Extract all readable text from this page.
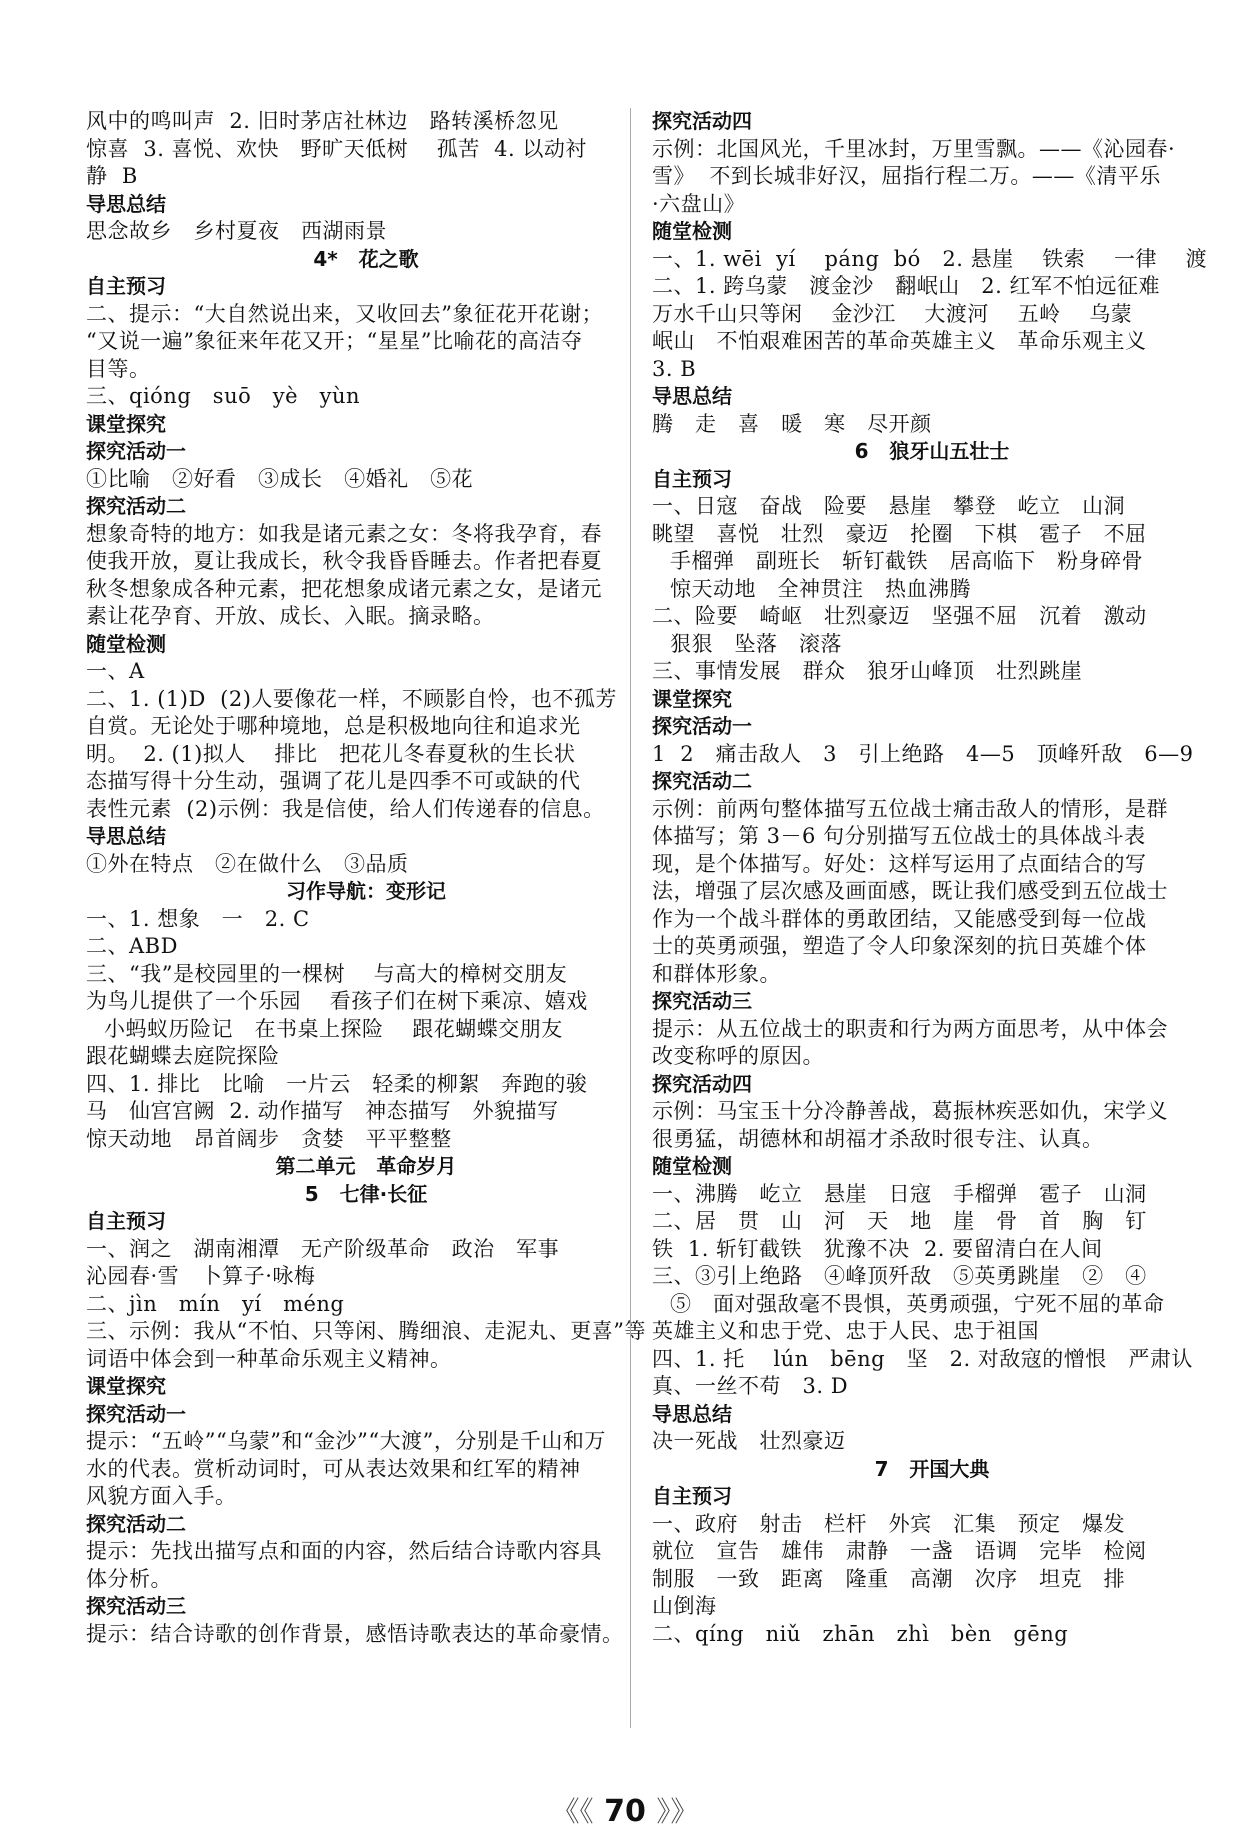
风中的鸣叫声  2. 旧时茅店社林边   路转溪桥忽见
惊喜  3. 喜悦、欢快   野旷天低树    孤苦  4. 以动衬
静  B
导思总结
思念故乡   乡村夏夜   西湖雨景
4*   花之歌
自主预习
二、提示：“大自然说出来，又收回去”象征花开花谢；
“又说一遍”象征来年花又开；“星星”比喻花的高洁夺
目等。
三、qióng   suō   yè   yùn
课堂探究
探究活动一
①比喻   ②好看   ③成长   ④婚礼   ⑤花
探究活动二
想象奇特的地方：如我是诸元素之女：冬将我孕育，春
使我开放，夏让我成长，秋令我昏昏睡去。作者把春夏
秋冬想象成各种元素，把花想象成诸元素之女，是诸元
素让花孕育、开放、成长、入眠。摘录略。
随堂检测
一、A
二、1. (1)D  (2)人要像花一样，不顾影自怜，也不孤芳
自赏。无论处于哪种境地，总是积极地向往和追求光
明。  2. (1)拟人    排比   把花儿冬春夏秋的生长状
态描写得十分生动，强调了花儿是四季不可或缺的代
表性元素  (2)示例：我是信使，给人们传递春的信息。
导思总结
①外在特点   ②在做什么   ③品质
习作导航：变形记
一、1. 想象   一   2. C
二、ABD
三、“我”是校园里的一棵树    与高大的樟树交朋友
为鸟儿提供了一个乐园    看孩子们在树下乘凉、嬉戏
小蚂蚁历险记   在书桌上探险    跟花蝴蝶交朋友
跟花蝴蝶去庭院探险
四、1. 排比   比喻   一片云   轻柔的柳絮   奔跑的骏
马   仙宫宫阙  2. 动作描写   神态描写   外貌描写
惊天动地   昂首阔步   贪婪   平平整整
第二单元   革命岁月
5   七律·长征
自主预习
一、润之   湖南湘潭   无产阶级革命   政治   军事
沁园春·雪   卜算子·咏梅
二、jìn   mín   yí   méng
三、示例：我从“不怕、只等闲、腾细浪、走泥丸、更喜”等
词语中体会到一种革命乐观主义精神。
课堂探究
探究活动一
提示：“五岭”“乌蒙”和“金沙”“大渡”，分别是千山和万
水的代表。赏析动词时，可从表达效果和红军的精神
风貌方面入手。
探究活动二
提示：先找出描写点和面的内容，然后结合诗歌内容具
体分析。
探究活动三
提示：结合诗歌的创作背景，感悟诗歌表达的革命豪情。
探究活动四
示例：北国风光，千里冰封，万里雪飘。——《沁园春·
雪》  不到长城非好汉，屈指行程二万。——《清平乐
·六盘山》
随堂检测
一、1. wēi  yí    páng  bó   2. 悬崖    铁索    一律    渡
二、1. 跨乌蒙   渡金沙   翻岷山   2. 红军不怕远征难
万水千山只等闲    金沙江    大渡河    五岭    乌蒙
岷山   不怕艰难困苦的革命英雄主义   革命乐观主义
3. B
导思总结
腾   走   喜   暖   寒   尽开颜
6   狼牙山五壮士
自主预习
一、日寇   奋战   险要   悬崖   攀登   屹立   山洞
眺望   喜悦   壮烈   豪迈   抡圈   下棋   雹子   不屈
手榴弹   副班长   斩钉截铁   居高临下   粉身碎骨
惊天动地   全神贯注   热血沸腾
二、险要   崎岖   壮烈豪迈   坚强不屈   沉着   激动
狠狠   坠落   滚落
三、事情发展   群众   狼牙山峰顶   壮烈跳崖
课堂探究
探究活动一
1  2   痛击敌人   3   引上绝路   4—5   顶峰歼敌   6—9
探究活动二
示例：前两句整体描写五位战士痛击敌人的情形，是群
体描写；第 3－6 句分别描写五位战士的具体战斗表
现，是个体描写。好处：这样写运用了点面结合的写
法，增强了层次感及画面感，既让我们感受到五位战士
作为一个战斗群体的勇敢团结，又能感受到每一位战
士的英勇顽强，塑造了令人印象深刻的抗日英雄个体
和群体形象。
探究活动三
提示：从五位战士的职责和行为两方面思考，从中体会
改变称呼的原因。
探究活动四
示例：马宝玉十分冷静善战，葛振林疾恶如仇，宋学义
很勇猛，胡德林和胡福才杀敌时很专注、认真。
随堂检测
一、沸腾   屹立   悬崖   日寇   手榴弹   雹子   山洞
二、居   贯   山   河   天   地   崖   骨   首   胸   钉
铁  1. 斩钉截铁   犹豫不决  2. 要留清白在人间
三、③引上绝路   ④峰顶歼敌   ⑤英勇跳崖   ②   ④
⑤   面对强敌毫不畏惧，英勇顽强，宁死不屈的革命
英雄主义和忠于党、忠于人民、忠于祖国
四、1. 托    lún   bēng   坚   2. 对敌寇的憎恨   严肃认
真、一丝不苟   3. D
导思总结
决一死战   壮烈豪迈
7   开国大典
自主预习
一、政府   射击   栏杆   外宾   汇集   预定   爆发
就位   宣告   雄伟   肃静   一盏   语调   完毕   检阅
制服   一致   距离   隆重   高潮   次序   坦克   排
山倒海
二、qíng   niǔ   zhān   zhì   bèn   gēng
《《 70 》》
